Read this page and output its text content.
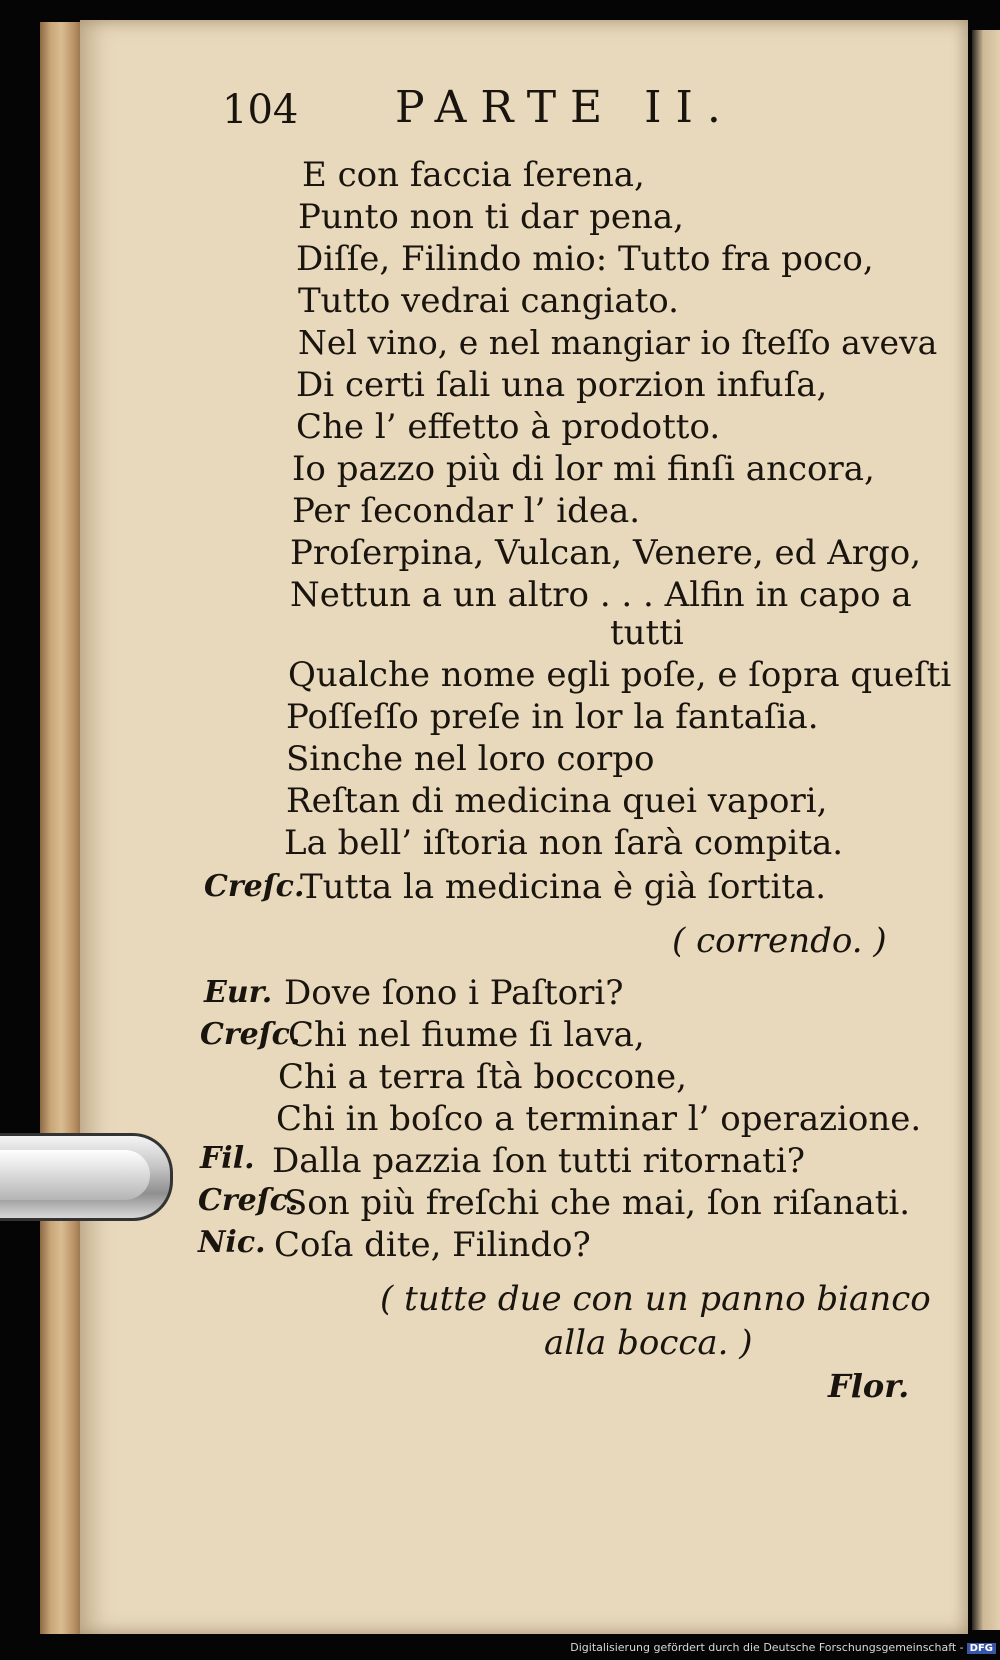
104 PARTE II.
E con faccia ſerena,
Punto non ti dar pena,
Diſſe, Filindo mio: Tutto fra poco,
Tutto vedrai cangiato.
Nel vino, e nel mangiar io ſteſſo aveva
Di certi ſali una porzion infuſa,
Che l’ effetto à prodotto.
Io pazzo più di lor mi finſi ancora,
Per ſecondar l’ idea.
Proſerpina, Vulcan, Venere, ed Argo,
Nettun a un altro . . . Alfin in capo a
tutti
Qualche nome egli poſe, e ſopra queſti
Poſſeſſo preſe in lor la fantaſia.
Sinche nel loro corpo
Reſtan di medicina quei vapori,
La bell’ iſtoria non ſarà compita.
Creſc.
Tutta la medicina è già ſortita.
( correndo. )
Eur. Dove ſono i Paſtori?
Creſc.
Chi nel fiume ſi lava,
Chi a terra ſtà boccone,
Chi in boſco a terminar l’ operazione.
Fil. Dalla pazzia ſon tutti ritornati?
Creſc.
Son più freſchi che mai, ſon riſanati.
Nic. Coſa dite, Filindo?
( tutte due con un panno bianco
alla bocca. )
Flor.
Digitalisierung gefördert durch die Deutsche Forschungsgemeinschaft - DFG
